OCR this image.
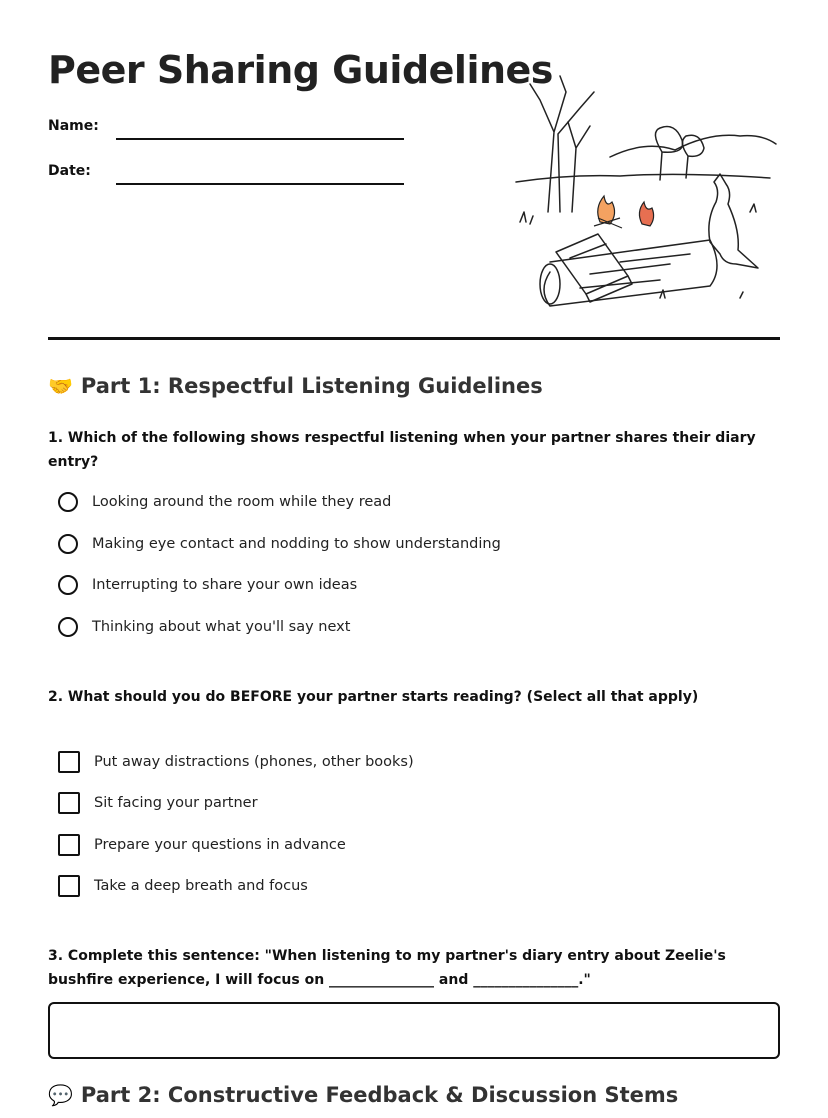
Peer Sharing Guidelines
Name:
Date:
🤝 Part 1: Respectful Listening Guidelines

1. Which of the following shows respectful listening when your partner shares their diary entry?

Looking around the room while they read
Making eye contact and nodding to show understanding
Interrupting to share your own ideas
Thinking about what you'll say next

2. What should you do BEFORE your partner starts reading? (Select all that apply)

Put away distractions (phones, other books)
Sit facing your partner
Prepare your questions in advance
Take a deep breath and focus

3. Complete this sentence: "When listening to my partner's diary entry about Zeelie's bushfire experience, I will focus on _______________ and _______________."

💬 Part 2: Constructive Feedback & Discussion Stems
